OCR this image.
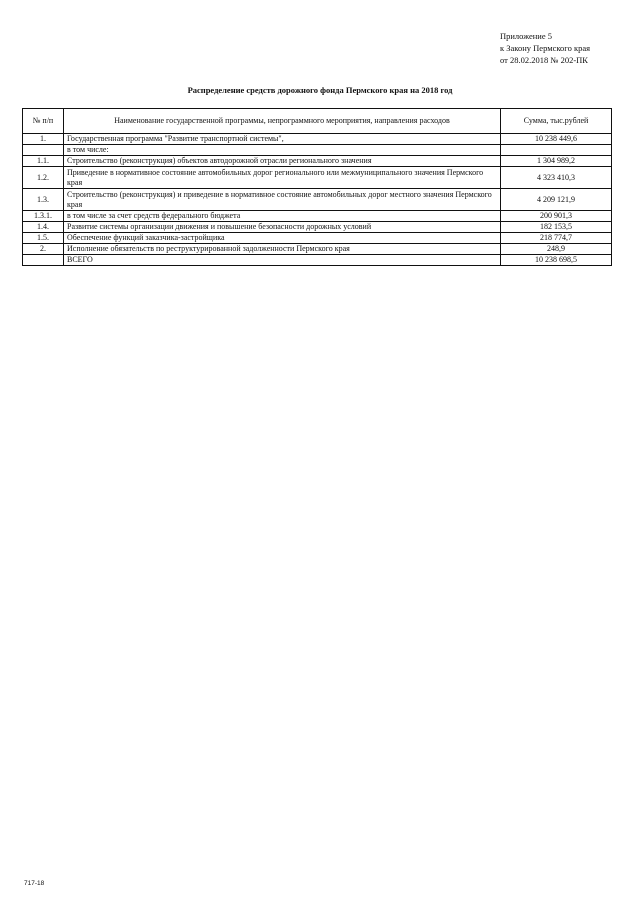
Приложение 5
к Закону Пермского края
от 28.02.2018 № 202-ПК
Распределение средств дорожного фонда Пермского края на 2018 год
№ п/п	Наименование государственной программы, непрограммного мероприятия, направления расходов	Сумма, тыс.рублей
1.	Государственная программа "Развитие транспортной системы",	10 238 449,6
	в том числе:	
1.1.	Строительство (реконструкция) объектов автодорожной отрасли регионального значения	1 304 989,2
1.2.	Приведение в нормативное состояние автомобильных дорог регионального или межмуниципального значения Пермского края	4 323 410,3
1.3.	Строительство (реконструкция) и приведение в нормативное состояние автомобильных дорог местного значения Пермского края	4 209 121,9
1.3.1.	в том числе за счет средств федерального бюджета	200 901,3
1.4.	Развитие системы организации движения и повышение безопасности дорожных условий	182 153,5
1.5.	Обеспечение функций заказчика-застройщика	218 774,7
2.	Исполнение обязательств по реструктурированной задолженности Пермского края	248,9
	ВСЕГО	10 238 698,5
717-18
